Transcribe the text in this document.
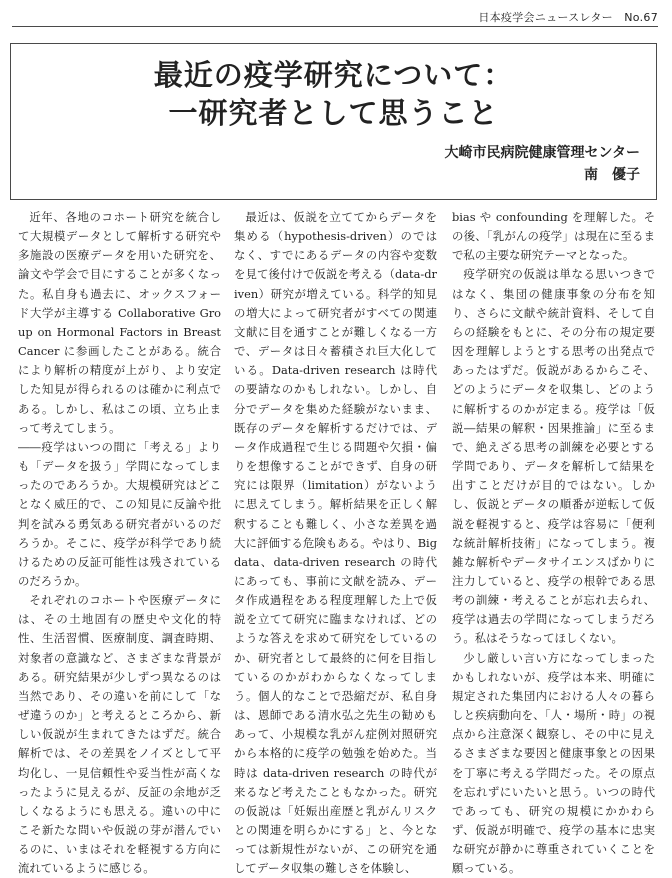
日本疫学会ニュースレター　No.67
最近の疫学研究について：
一研究者として思うこと
大崎市民病院健康管理センター
南　優子

近年、各地のコホート研究を統合して大規模データとして解析する研究や多施設の医療データを用いた研究を、論文や学会で目にすることが多くなった。私自身も過去に、オックスフォード大学が主導する Collaborative Group on Hormonal Factors in Breast Cancer に参画したことがある。統合により解析の精度が上がり、より安定した知見が得られるのは確かに利点である。しかし、私はこの頃、立ち止まって考えてしまう。

――疫学はいつの間に「考える」よりも「データを扱う」学問になってしまったのであろうか。大規模研究はどことなく威圧的で、この知見に反論や批判を試みる勇気ある研究者がいるのだろうか。そこに、疫学が科学であり続けるための反証可能性は残されているのだろうか。

それぞれのコホートや医療データには、その土地固有の歴史や文化的特性、生活習慣、医療制度、調査時期、対象者の意識など、さまざまな背景がある。研究結果が少しずつ異なるのは当然であり、その違いを前にして「なぜ違うのか」と考えるところから、新しい仮説が生まれてきたはずだ。統合解析では、その差異をノイズとして平均化し、一見信頼性や妥当性が高くなったように見えるが、反証の余地が乏しくなるようにも思える。違いの中にこそ新たな問いや仮説の芽が潜んでいるのに、いまはそれを軽視する方向に流れているように感じる。

最近は、仮説を立ててからデータを集める（hypothesis-driven）のではなく、すでにあるデータの内容や変数を見て後付けで仮説を考える（data-driven）研究が増えている。科学的知見の増大によって研究者がすべての関連文献に目を通すことが難しくなる一方で、データは日々蓄積され巨大化している。Data-driven research は時代の要請なのかもしれない。しかし、自分でデータを集めた経験がないまま、既存のデータを解析するだけでは、データ作成過程で生じる問題や欠損・偏りを想像することができず、自身の研究には限界（limitation）がないように思えてしまう。解析結果を正しく解釈することも難しく、小さな差異を過大に評価する危険もある。やはり、Big data、data-driven research の時代にあっても、事前に文献を読み、データ作成過程をある程度理解した上で仮説を立てて研究に臨まなければ、どのような答えを求めて研究をしているのか、研究者として最終的に何を目指しているのかがわからなくなってしまう。個人的なことで恐縮だが、私自身は、恩師である清水弘之先生の勧めもあって、小規模な乳がん症例対照研究から本格的に疫学の勉強を始めた。当時は data-driven research の時代が来るなど考えたこともなかった。研究の仮説は「妊娠出産歴と乳がんリスクとの関連を明らかにする」と、今となっては新規性がないが、この研究を通してデータ収集の難しさを体験し、

bias や confounding を理解した。その後、「乳がんの疫学」は現在に至るまで私の主要な研究テーマとなった。

疫学研究の仮説は単なる思いつきではなく、集団の健康事象の分布を知り、さらに文献や統計資料、そして自らの経験をもとに、その分布の規定要因を理解しようとする思考の出発点であったはずだ。仮説があるからこそ、どのようにデータを収集し、どのように解析するのかが定まる。疫学は「仮説―結果の解釈・因果推論」に至るまで、絶えざる思考の訓練を必要とする学問であり、データを解析して結果を出すことだけが目的ではない。しかし、仮説とデータの順番が逆転して仮説を軽視すると、疫学は容易に「便利な統計解析技術」になってしまう。複雑な解析やデータサイエンスばかりに注力していると、疫学の根幹である思考の訓練・考えることが忘れ去られ、疫学は過去の学問になってしまうだろう。私はそうなってほしくない。

少し厳しい言い方になってしまったかもしれないが、疫学は本来、明確に規定された集団内における人々の暮らしと疾病動向を、「人・場所・時」の視点から注意深く観察し、その中に見えるさまざまな要因と健康事象との因果を丁寧に考える学問だった。その原点を忘れずにいたいと思う。いつの時代であっても、研究の規模にかかわらず、仮説が明確で、疫学の基本に忠実な研究が静かに尊重されていくことを願っている。
